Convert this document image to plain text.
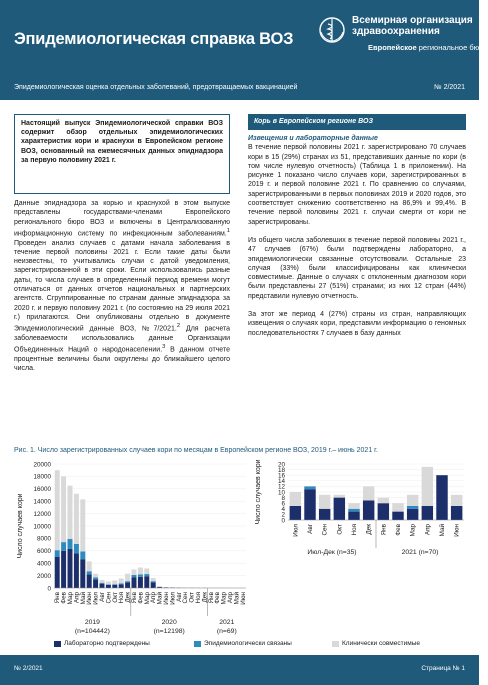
Эпидемиологическая справка ВОЗ
Всемирная организация
здравоохранения
Европейское региональное бюро
Эпидемиологическая оценка отдельных заболеваний, предотвращаемых вакцинацией	№ 2/2021
Настоящий выпуск Эпидемиологической справки ВОЗ содержит обзор отдельных эпидемиологических характеристик кори и краснухи в Европейском регионе ВОЗ, основанный на ежемесячных данных эпиднадзора за первую половину 2021 г.
Данные эпиднадзора за корью и краснухой в этом выпуске представлены государствами-членами Европейского регионального бюро ВОЗ и включены в Централизованную информационную систему по инфекционным заболеваниям.$^1$ Проведен анализ случаев с датами начала заболевания в течение первой половины 2021 г. Если такие даты были неизвестны, то учитывались случаи с датой уведомления, зарегистрированной в эти сроки. Если использовались разные даты, то числа случаев в определенный период времени могут отличаться от данных отчетов национальных и партнерских агентств. Сгруппированные по странам данные эпиднадзора за 2020 г. и первую половину 2021 г. (по состоянию на 29 июля 2021 г.) прилагаются. Они опубликованы отдельно в документе Эпидемиологический данные ВОЗ, №7/2021.$^2$ Для расчета заболеваемости использовались данные Организации Объединенных Наций о народонаселении.$^3$ В данном отчете процентные величины были округлены до ближайшего целого числа.
Корь в Европейском регионе ВОЗ
Извещения и лабораторные данные

В течение первой половины 2021 г. зарегистрировано 70 случаев кори в 15 (29%) странах из 51, представивших данные по кори (в том числе нулевую отчетность) (Таблица 1 в приложении). На рисунке 1 показано число случаев кори, зарегистрированных в 2019 г. и первой половине 2021 г. По сравнению со случаями, зарегистрированными в первых половинах 2019 и 2020 годов, это соответствует снижению соответственно на 86,9% и 99,4%. В течение первой половины 2021 г. случаи смерти от кори не зарегистрированы.

Из общего числа заболевших в течение первой половины 2021 г., 47 случаев (67%) были подтверждены лабораторно, а эпидемиологически связанные отсутствовали. Остальные 23 случая (33%) были классифицированы как клинически совместимые. Данные о случаях с отклоненным диагнозом кори были представлены 27 (51%) странами; из них 12 стран (44%) представили нулевую отчетность.

За этот же период 4 (27%) страны из стран, направляющих извещения о случаях кори, представили информацию о геномных последовательностях 7 случаев в базу данных

Рис. 1. Число зарегистрированных случаев кори по месяцам в Европейском регионе ВОЗ, 2019 г.– июнь 2021 г.
Число случаев кори
0
2000
4000
6000
8000
10000
12000
14000
16000
18000
20000
Янв Фев Мар Апр Май Июн Июл Авг Сен Окт Ноя Дек Янв Фев Мар Апр Май Июн Июл Авг Сен Окт Ноя Дек Янв Фев Мар Апр Май Июн
2019
(n=104442)
2020
(n=12198)
2021
(n=69)
Число случаев кори	0
2
4
6
8
10
12
14
16
18
20
Июл Авг Сен Окт Ноя Дек Янв Фев Мар Апр Май Июн
Июл-Дек (n=35)	2021 (n=70)
Лабораторно подтверждены	Эпидемиологически связаны	Клинически совместимые
№ 2/2021	Страница № 1
